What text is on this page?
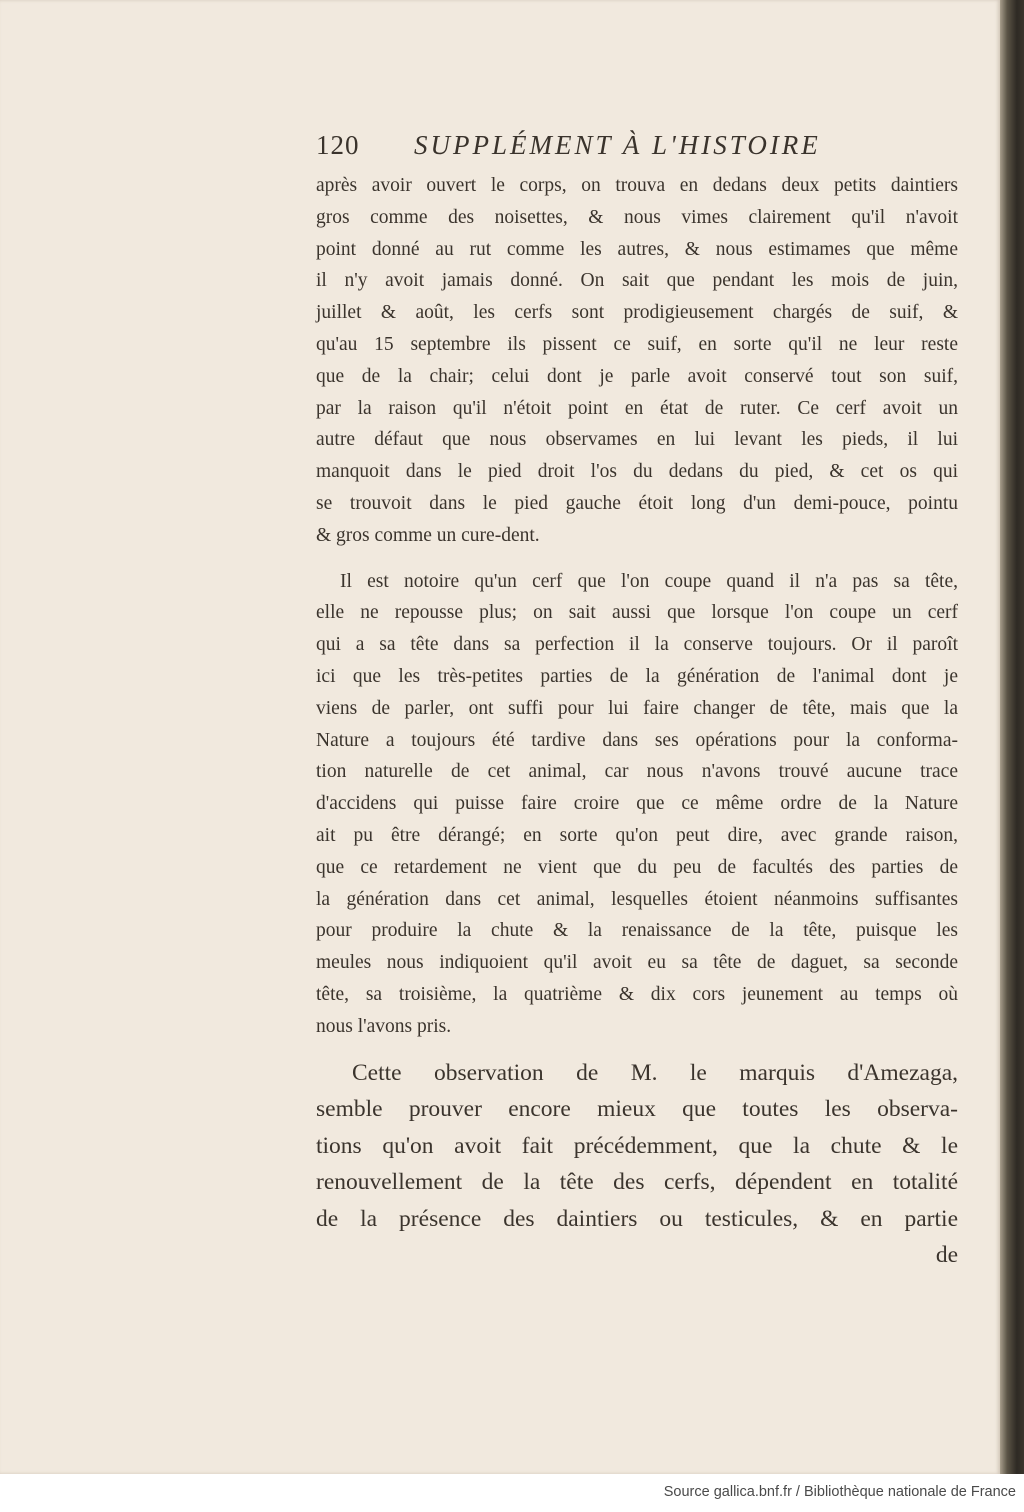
120 SUPPLÉMENT À L'HISTOIRE
après avoir ouvert le corps, on trouva en dedans deux petits daintiers
gros comme des noisettes, & nous vimes clairement qu'il n'avoit
point donné au rut comme les autres, & nous estimames que même
il n'y avoit jamais donné. On sait que pendant les mois de juin,
juillet & août, les cerfs sont prodigieusement chargés de suif, &
qu'au 15 septembre ils pissent ce suif, en sorte qu'il ne leur reste
que de la chair; celui dont je parle avoit conservé tout son suif,
par la raison qu'il n'étoit point en état de ruter. Ce cerf avoit un
autre défaut que nous observames en lui levant les pieds, il lui
manquoit dans le pied droit l'os du dedans du pied, & cet os qui
se trouvoit dans le pied gauche étoit long d'un demi-pouce, pointu
& gros comme un cure-dent.
Il est notoire qu'un cerf que l'on coupe quand il n'a pas sa tête,
elle ne repousse plus; on sait aussi que lorsque l'on coupe un cerf
qui a sa tête dans sa perfection il la conserve toujours. Or il paroît
ici que les très-petites parties de la génération de l'animal dont je
viens de parler, ont suffi pour lui faire changer de tête, mais que la
Nature a toujours été tardive dans ses opérations pour la conforma-
tion naturelle de cet animal, car nous n'avons trouvé aucune trace
d'accidens qui puisse faire croire que ce même ordre de la Nature
ait pu être dérangé; en sorte qu'on peut dire, avec grande raison,
que ce retardement ne vient que du peu de facultés des parties de
la génération dans cet animal, lesquelles étoient néanmoins suffisantes
pour produire la chute & la renaissance de la tête, puisque les
meules nous indiquoient qu'il avoit eu sa tête de daguet, sa seconde
tête, sa troisième, la quatrième & dix cors jeunement au temps où
nous l'avons pris.
Cette observation de M. le marquis d'Amezaga,
semble prouver encore mieux que toutes les observa-
tions qu'on avoit fait précédemment, que la chute & le
renouvellement de la tête des cerfs, dépendent en totalité
de la présence des daintiers ou testicules, & en partie
de
Source gallica.bnf.fr / Bibliothèque nationale de France
